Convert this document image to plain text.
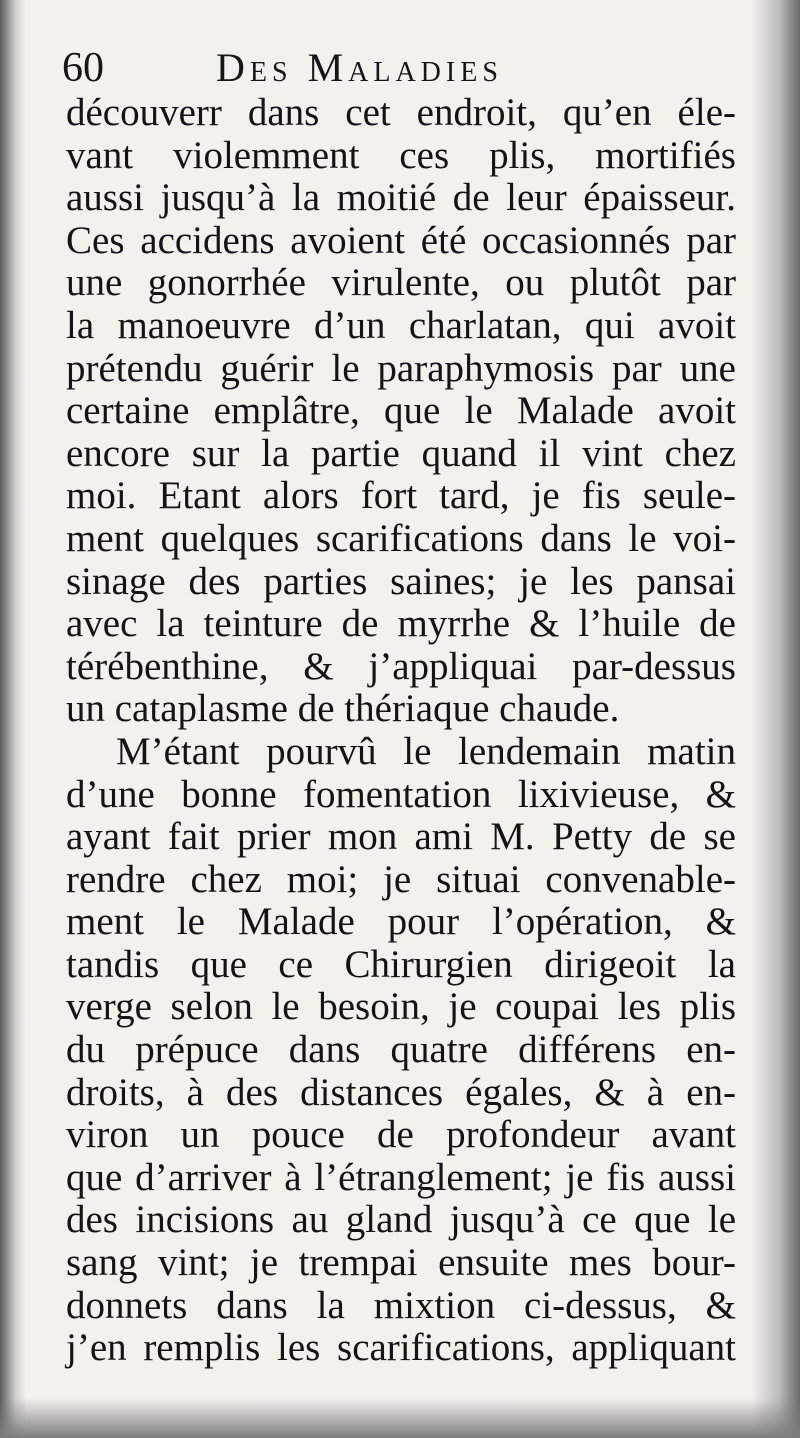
60	Des Maladies
découverr dans cet endroit, qu’en éle-
vant violemment ces plis, mortifiés
aussi jusqu’à la moitié de leur épaisseur.
Ces accidens avoient été occasionnés par
une gonorrhée virulente, ou plutôt par
la manoeuvre d’un charlatan, qui avoit
prétendu guérir le paraphymosis par une
certaine emplâtre, que le Malade avoit
encore sur la partie quand il vint chez
moi. Etant alors fort tard, je fis seule-
ment quelques scarifications dans le voi-
sinage des parties saines; je les pansai
avec la teinture de myrrhe & l’huile de
térébenthine, & j’appliquai par-dessus
un cataplasme de thériaque chaude.
M’étant pourvû le lendemain matin
d’une bonne fomentation lixivieuse, &
ayant fait prier mon ami M. Petty de se
rendre chez moi; je situai convenable-
ment le Malade pour l’opération, &
tandis que ce Chirurgien dirigeoit la
verge selon le besoin, je coupai les plis
du prépuce dans quatre différens en-
droits, à des distances égales, & à en-
viron un pouce de profondeur avant
que d’arriver à l’étranglement; je fis aussi
des incisions au gland jusqu’à ce que le
sang vint; je trempai ensuite mes bour-
donnets dans la mixtion ci-dessus, &
j’en remplis les scarifications, appliquant
